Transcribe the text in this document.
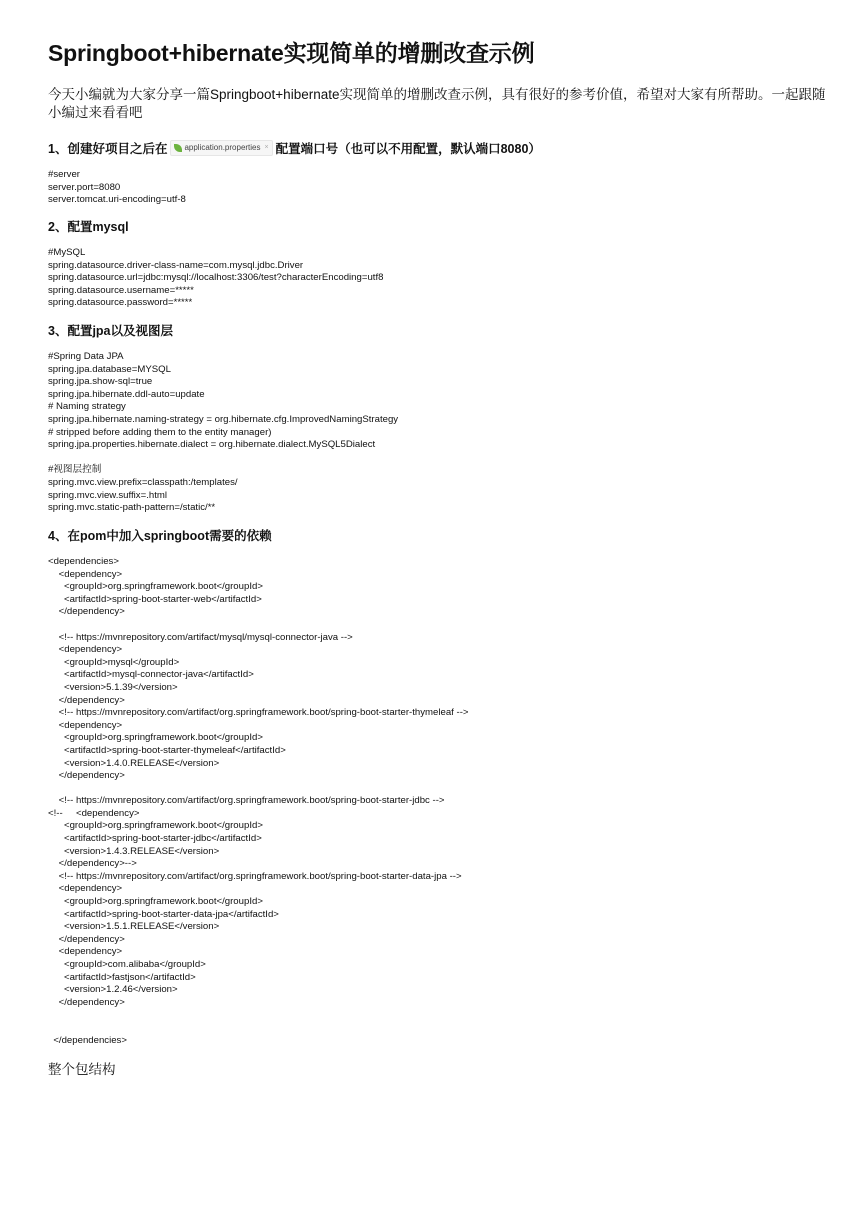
Springboot+hibernate实现简单的增删改查示例
今天小编就为大家分享一篇Springboot+hibernate实现简单的增删改查示例，具有很好的参考价值，希望对大家有所帮助。一起跟随小编过来看看吧
1、创建好项目之后在 application.properties × 配置端口号（也可以不用配置，默认端口8080）
#server
server.port=8080
server.tomcat.uri-encoding=utf-8
2、配置mysql
#MySQL
spring.datasource.driver-class-name=com.mysql.jdbc.Driver
spring.datasource.url=jdbc:mysql://localhost:3306/test?characterEncoding=utf8
spring.datasource.username=*****
spring.datasource.password=*****
3、配置jpa以及视图层
#Spring Data JPA
spring.jpa.database=MYSQL
spring.jpa.show-sql=true
spring.jpa.hibernate.ddl-auto=update
# Naming strategy
spring.jpa.hibernate.naming-strategy = org.hibernate.cfg.ImprovedNamingStrategy
# stripped before adding them to the entity manager)
spring.jpa.properties.hibernate.dialect = org.hibernate.dialect.MySQL5Dialect

#视图层控制
spring.mvc.view.prefix=classpath:/templates/
spring.mvc.view.suffix=.html
spring.mvc.static-path-pattern=/static/**
4、在pom中加入springboot需要的依赖
<dependencies>
<dependency>
<groupId>org.springframework.boot</groupId>
<artifactId>spring-boot-starter-web</artifactId>
</dependency>

<!-- https://mvnrepository.com/artifact/mysql/mysql-connector-java -->
<dependency>
<groupId>mysql</groupId>
<artifactId>mysql-connector-java</artifactId>
<version>5.1.39</version>
</dependency>
<!-- https://mvnrepository.com/artifact/org.springframework.boot/spring-boot-starter-thymeleaf -->
<dependency>
<groupId>org.springframework.boot</groupId>
<artifactId>spring-boot-starter-thymeleaf</artifactId>
<version>1.4.0.RELEASE</version>
</dependency>

<!-- https://mvnrepository.com/artifact/org.springframework.boot/spring-boot-starter-jdbc -->
<!--     <dependency>
<groupId>org.springframework.boot</groupId>
<artifactId>spring-boot-starter-jdbc</artifactId>
<version>1.4.3.RELEASE</version>
</dependency>-->
<!-- https://mvnrepository.com/artifact/org.springframework.boot/spring-boot-starter-data-jpa -->
<dependency>
<groupId>org.springframework.boot</groupId>
<artifactId>spring-boot-starter-data-jpa</artifactId>
<version>1.5.1.RELEASE</version>
</dependency>
<dependency>
<groupId>com.alibaba</groupId>
<artifactId>fastjson</artifactId>
<version>1.2.46</version>
</dependency>

</dependencies>
整个包结构
